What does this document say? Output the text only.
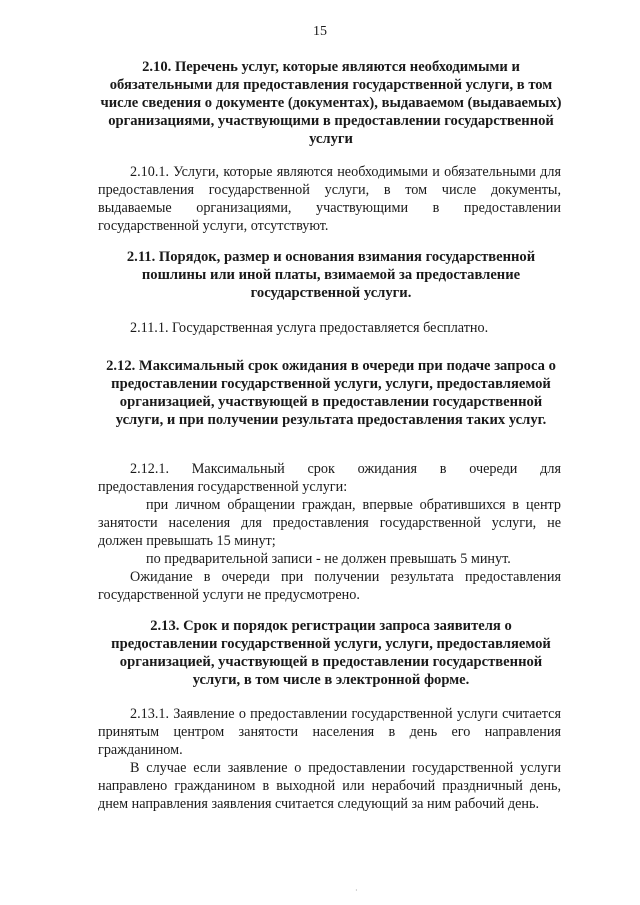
15

2.10. Перечень услуг, которые являются необходимыми и обязательными для предоставления государственной услуги, в том числе сведения о документе (документах), выдаваемом (выдаваемых) организациями, участвующими в предоставлении государственной услуги

2.10.1. Услуги, которые являются необходимыми и обязательными для предоставления государственной услуги, в том числе документы, выдаваемые организациями, участвующими в предоставлении государственной услуги, отсутствуют.

2.11. Порядок, размер и основания взимания государственной пошлины или иной платы, взимаемой за предоставление государственной услуги.

2.11.1. Государственная услуга предоставляется бесплатно.

2.12. Максимальный срок ожидания в очереди при подаче запроса о предоставлении государственной услуги, услуги, предоставляемой организацией, участвующей в предоставлении государственной услуги, и при получении результата предоставления таких услуг.

2.12.1. Максимальный срок ожидания в очереди для

предоставления государственной услуги:

при личном обращении граждан, впервые обратившихся в центр занятости населения для предоставления государственной услуги, не должен превышать 15 минут;

по предварительной записи - не должен превышать 5 минут.

Ожидание в очереди при получении результата предоставления государственной услуги не предусмотрено.

2.13. Срок и порядок регистрации запроса заявителя о предоставлении государственной услуги, услуги, предоставляемой организацией, участвующей в предоставлении государственной услуги, в том числе в электронной форме.

2.13.1. Заявление о предоставлении государственной услуги считается принятым центром занятости населения в день его направления гражданином.

В случае если заявление о предоставлении государственной услуги направлено гражданином в выходной или нерабочий праздничный день, днем направления заявления считается следующий за ним рабочий день.

·
